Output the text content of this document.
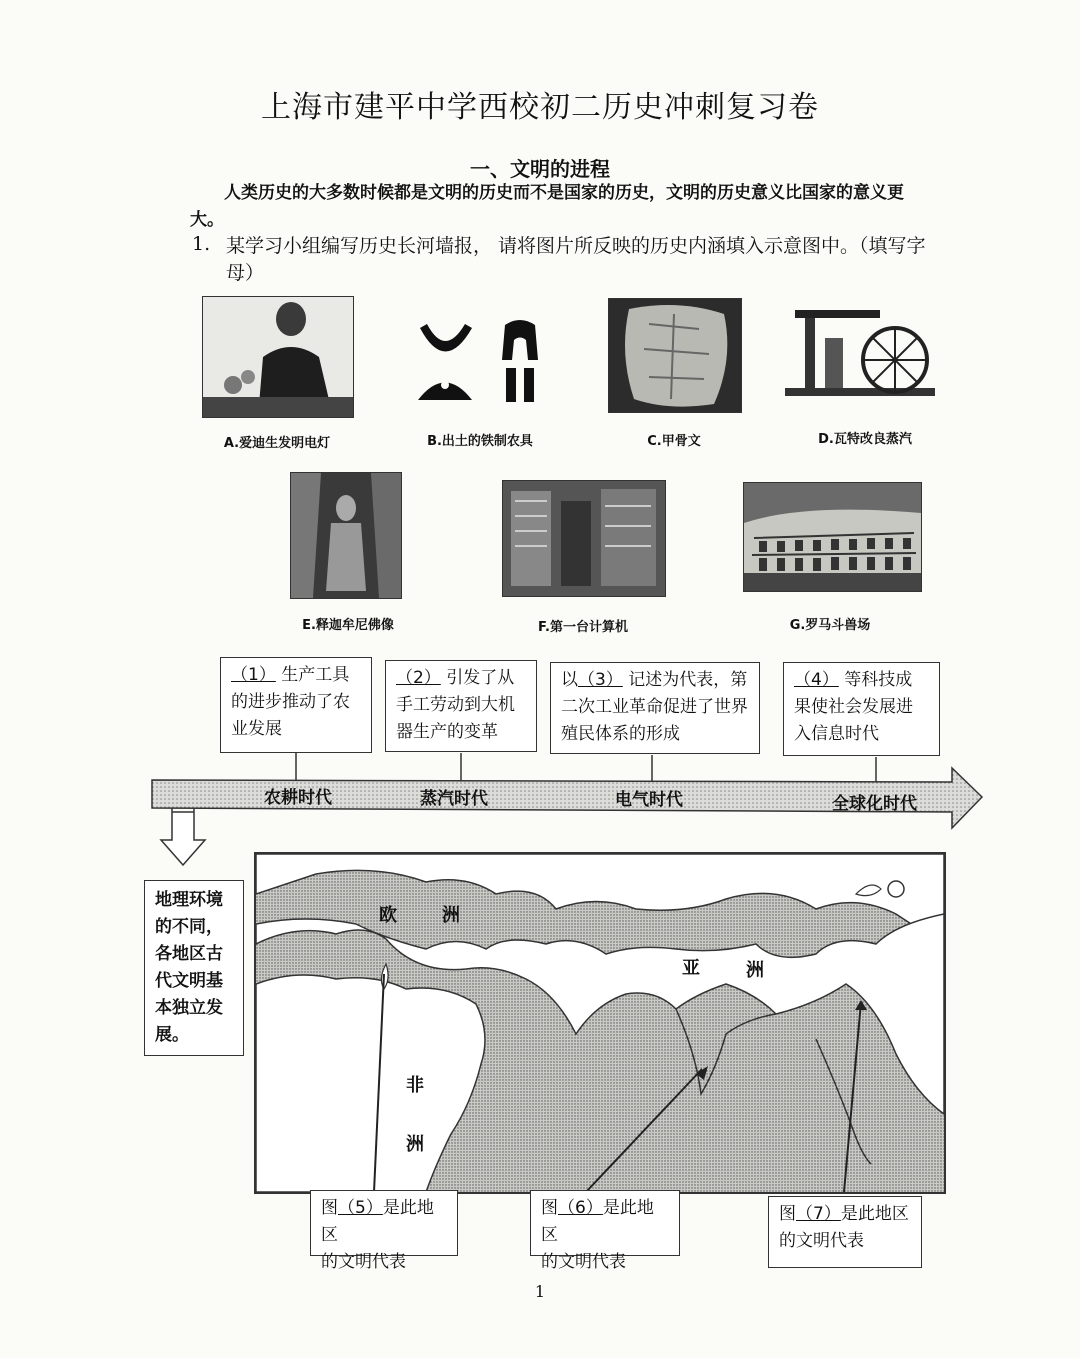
上海市建平中学西校初二历史冲刺复习卷
一、文明的进程
人类历史的大多数时候都是文明的历史而不是国家的历史，文明的历史意义比国家的意义更大。
1. 某学习小组编写历史长河墙报， 请将图片所反映的历史内涵填入示意图中。（填写字母）
A.爱迪生发明电灯	B.出土的铁制农具	C.甲骨文	D.瓦特改良蒸汽
E.释迦牟尼佛像	F.第一台计算机	G.罗马斗兽场
（1） 生产工具的进步推动了农业发展
（2） 引发了从手工劳动到大机器生产的变革
以（3） 记述为代表，第二次工业革命促进了世界殖民体系的形成
（4） 等科技成果使社会发展进入信息时代
农耕时代	蒸汽时代	电气时代	全球化时代
地理环境的不同，各地区古代文明基本独立发展。
欧	洲
亚	洲
非
洲
图（5）是此地区
的文明代表
图（6）是此地区
的文明代表
图（7）是此地区
的文明代表
1
